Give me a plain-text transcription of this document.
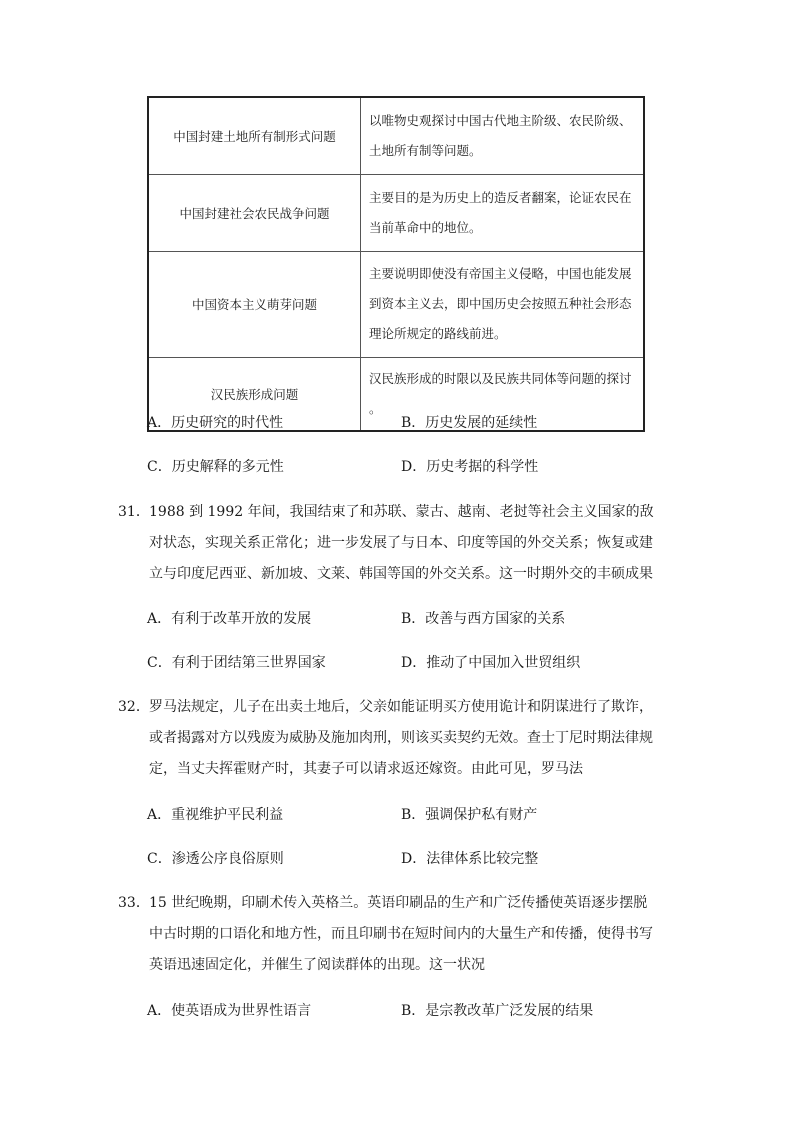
中国封建土地所有制形式问题	以唯物史观探讨中国古代地主阶级、农民阶级、土地所有制等问题。
中国封建社会农民战争问题	主要目的是为历史上的造反者翻案，论证农民在当前革命中的地位。
中国资本主义萌芽问题	主要说明即使没有帝国主义侵略，中国也能发展到资本主义去，即中国历史会按照五种社会形态理论所规定的路线前进。
汉民族形成问题	汉民族形成的时限以及民族共同体等问题的探讨 。
A．历史研究的时代性	B．历史发展的延续性
C．历史解释的多元性	D．历史考据的科学性
31． 1988 到 1992 年间，我国结束了和苏联、蒙古、越南、老挝等社会主义国家的敌对状态，实现关系正常化；进一步发展了与日本、印度等国的外交关系；恢复或建立与印度尼西亚、新加坡、文莱、韩国等国的外交关系。这一时期外交的丰硕成果
A．有利于改革开放的发展	B．改善与西方国家的关系
C．有利于团结第三世界国家	D．推动了中国加入世贸组织
32． 罗马法规定，儿子在出卖土地后，父亲如能证明买方使用诡计和阴谋进行了欺诈，或者揭露对方以残废为威胁及施加肉刑，则该买卖契约无效。查士丁尼时期法律规定，当丈夫挥霍财产时，其妻子可以请求返还嫁资。由此可见，罗马法
A．重视维护平民利益	B．强调保护私有财产
C．渗透公序良俗原则	D．法律体系比较完整
33． 15 世纪晚期，印刷术传入英格兰。英语印刷品的生产和广泛传播使英语逐步摆脱中古时期的口语化和地方性，而且印刷书在短时间内的大量生产和传播，使得书写英语迅速固定化，并催生了阅读群体的出现。这一状况
A．使英语成为世界性语言	B．是宗教改革广泛发展的结果
